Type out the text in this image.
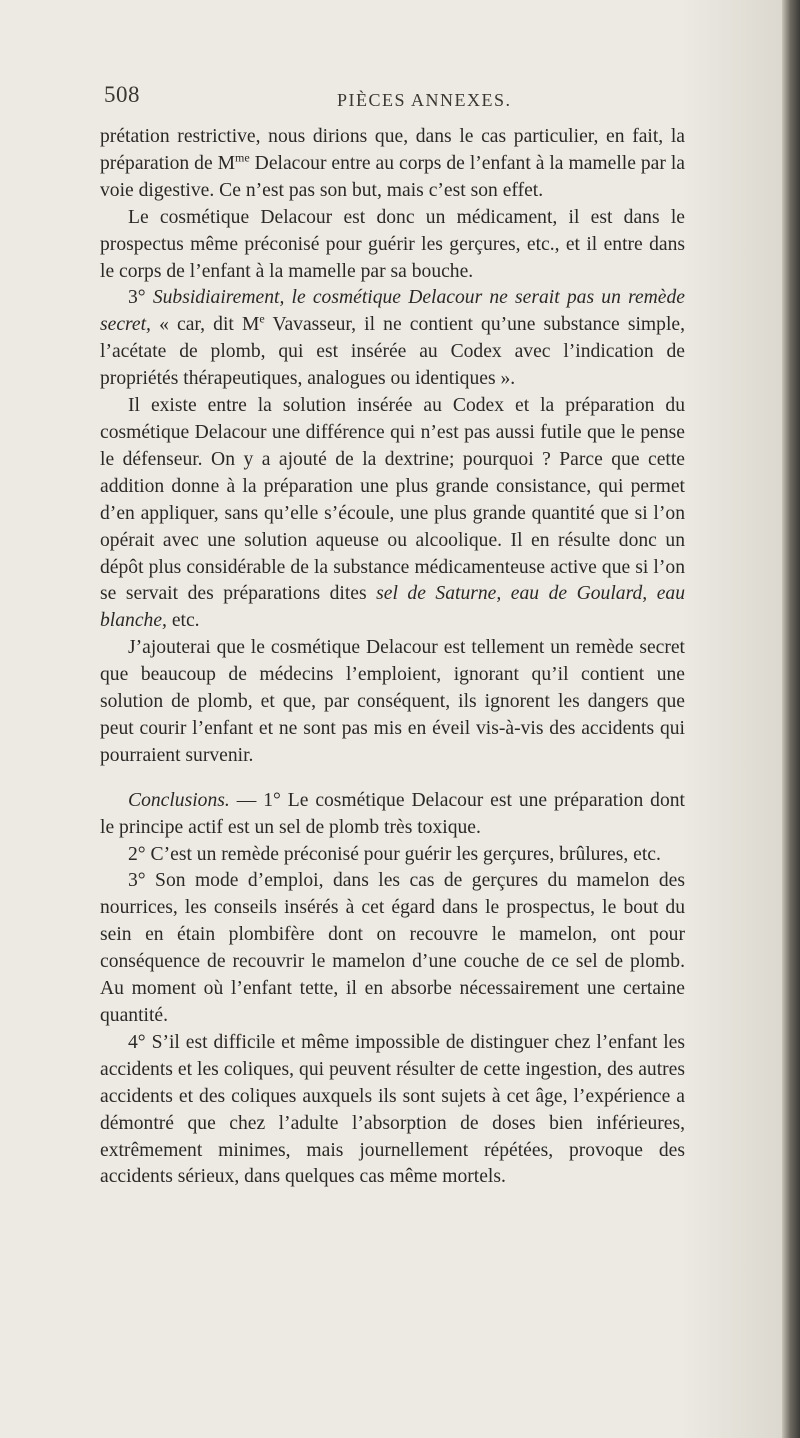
508	PIÈCES ANNEXES.

prétation restrictive, nous dirions que, dans le cas particulier, en fait, la préparation de $M^{me}$ Delacour entre au corps de l’enfant à la mamelle par la voie digestive. Ce n’est pas son but, mais c’est son effet.

Le cosmétique Delacour est donc un médicament, il est dans le prospectus même préconisé pour guérir les gerçures, etc., et il entre dans le corps de l’enfant à la mamelle par sa bouche.

3° Subsidiairement, le cosmétique Delacour ne serait pas un remède secret, « car, dit Me Vavasseur, il ne contient qu’une substance simple, l’acétate de plomb, qui est insérée au Codex avec l’indication de propriétés thérapeutiques, analogues ou identiques ».

Il existe entre la solution insérée au Codex et la préparation du cosmétique Delacour une différence qui n’est pas aussi futile que le pense le défenseur. On y a ajouté de la dextrine; pourquoi ? Parce que cette addition donne à la préparation une plus grande consistance, qui permet d’en appliquer, sans qu’elle s’écoule, une plus grande quantité que si l’on opérait avec une solution aqueuse ou alcoolique. Il en résulte donc un dépôt plus considérable de la substance médicamenteuse active que si l’on se servait des préparations dites sel de Saturne, eau de Goulard, eau blanche, etc.

J’ajouterai que le cosmétique Delacour est tellement un remède secret que beaucoup de médecins l’emploient, ignorant qu’il contient une solution de plomb, et que, par conséquent, ils ignorent les dangers que peut courir l’enfant et ne sont pas mis en éveil vis-à-vis des accidents qui pourraient survenir.

Conclusions. — 1° Le cosmétique Delacour est une préparation dont le principe actif est un sel de plomb très toxique.

2° C’est un remède préconisé pour guérir les gerçures, brûlures, etc.

3° Son mode d’emploi, dans les cas de gerçures du mamelon des nourrices, les conseils insérés à cet égard dans le prospectus, le bout du sein en étain plombifère dont on recouvre le mamelon, ont pour conséquence de recouvrir le mamelon d’une couche de ce sel de plomb. Au moment où l’enfant tette, il en absorbe nécessairement une certaine quantité.

4° S’il est difficile et même impossible de distinguer chez l’enfant les accidents et les coliques, qui peuvent résulter de cette ingestion, des autres accidents et des coliques auxquels ils sont sujets à cet âge, l’expérience a démontré que chez l’adulte l’absorption de doses bien inférieures, extrêmement minimes, mais journellement répétées, provoque des accidents sérieux, dans quelques cas même mortels.
